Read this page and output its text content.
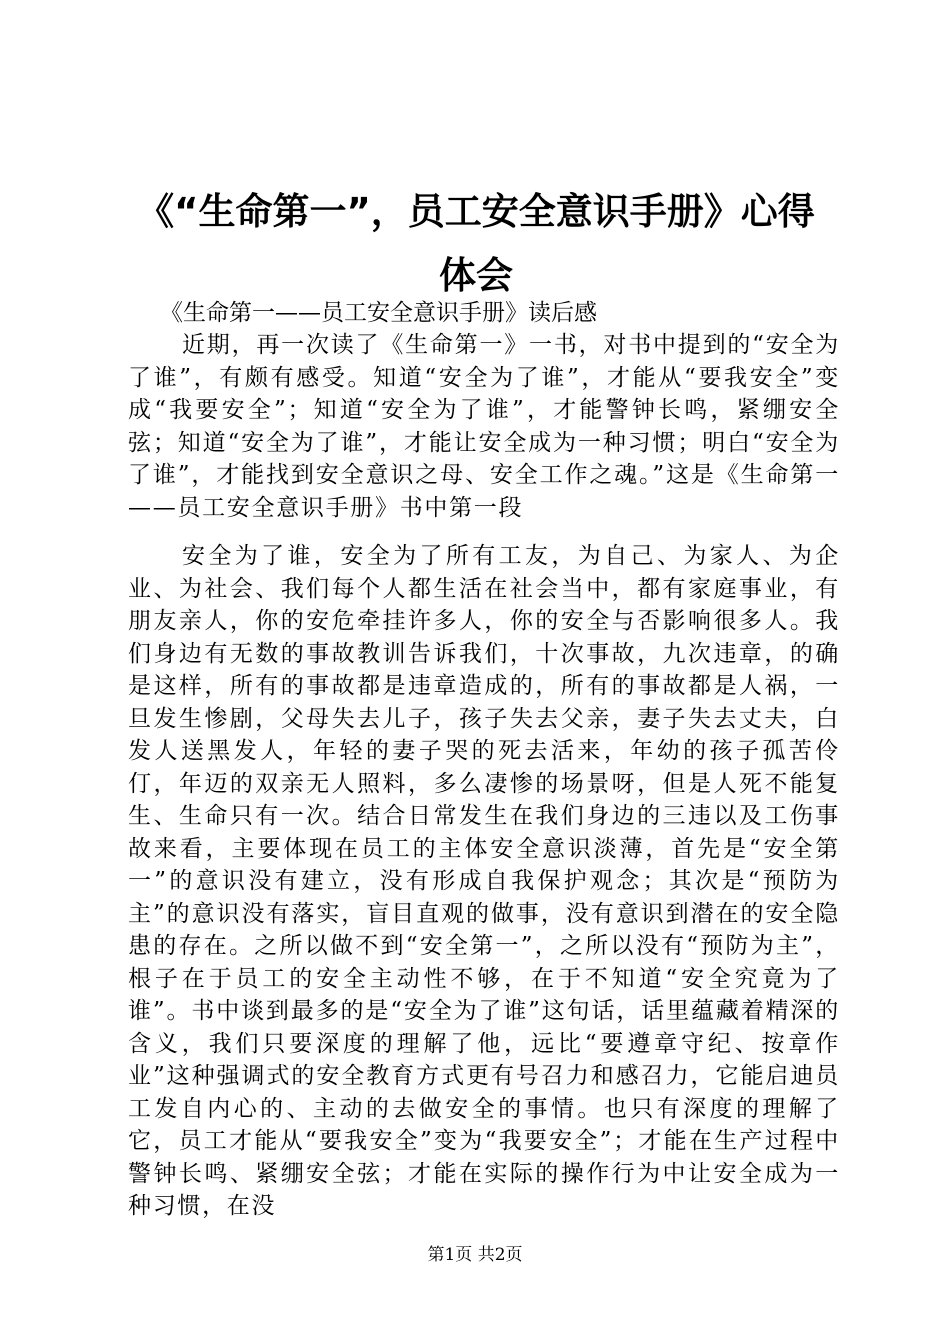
《“生命第一”，员工安全意识手册》心得体会
《生命第一——员工安全意识手册》读后感

近期，再一次读了《生命第一》一书，对书中提到的“安全为了谁”，有颇有感受。知道“安全为了谁”，才能从“要我安全”变成“我要安全”；知道“安全为了谁”，才能警钟长鸣，紧绷安全弦；知道“安全为了谁”，才能让安全成为一种习惯；明白“安全为了谁”，才能找到安全意识之母、安全工作之魂。”这是《生命第一——员工安全意识手册》书中第一段

安全为了谁，安全为了所有工友，为自己、为家人、为企业、为社会、我们每个人都生活在社会当中，都有家庭事业，有朋友亲人，你的安危牵挂许多人，你的安全与否影响很多人。我们身边有无数的事故教训告诉我们，十次事故，九次违章，的确是这样，所有的事故都是违章造成的，所有的事故都是人祸，一旦发生惨剧，父母失去儿子，孩子失去父亲，妻子失去丈夫，白发人送黑发人，年轻的妻子哭的死去活来，年幼的孩子孤苦伶仃，年迈的双亲无人照料，多么凄惨的场景呀，但是人死不能复生、生命只有一次。结合日常发生在我们身边的三违以及工伤事故来看，主要体现在员工的主体安全意识淡薄，首先是“安全第一”的意识没有建立，没有形成自我保护观念；其次是“预防为主”的意识没有落实，盲目直观的做事，没有意识到潜在的安全隐患的存在。之所以做不到“安全第一”，之所以没有“预防为主”，根子在于员工的安全主动性不够，在于不知道“安全究竟为了谁”。书中谈到最多的是“安全为了谁”这句话，话里蕴藏着精深的含义，我们只要深度的理解了他，远比“要遵章守纪、按章作业”这种强调式的安全教育方式更有号召力和感召力，它能启迪员工发自内心的、主动的去做安全的事情。也只有深度的理解了它，员工才能从“要我安全”变为“我要安全”；才能在生产过程中警钟长鸣、紧绷安全弦；才能在实际的操作行为中让安全成为一种习惯，在没

第1页 共2页
